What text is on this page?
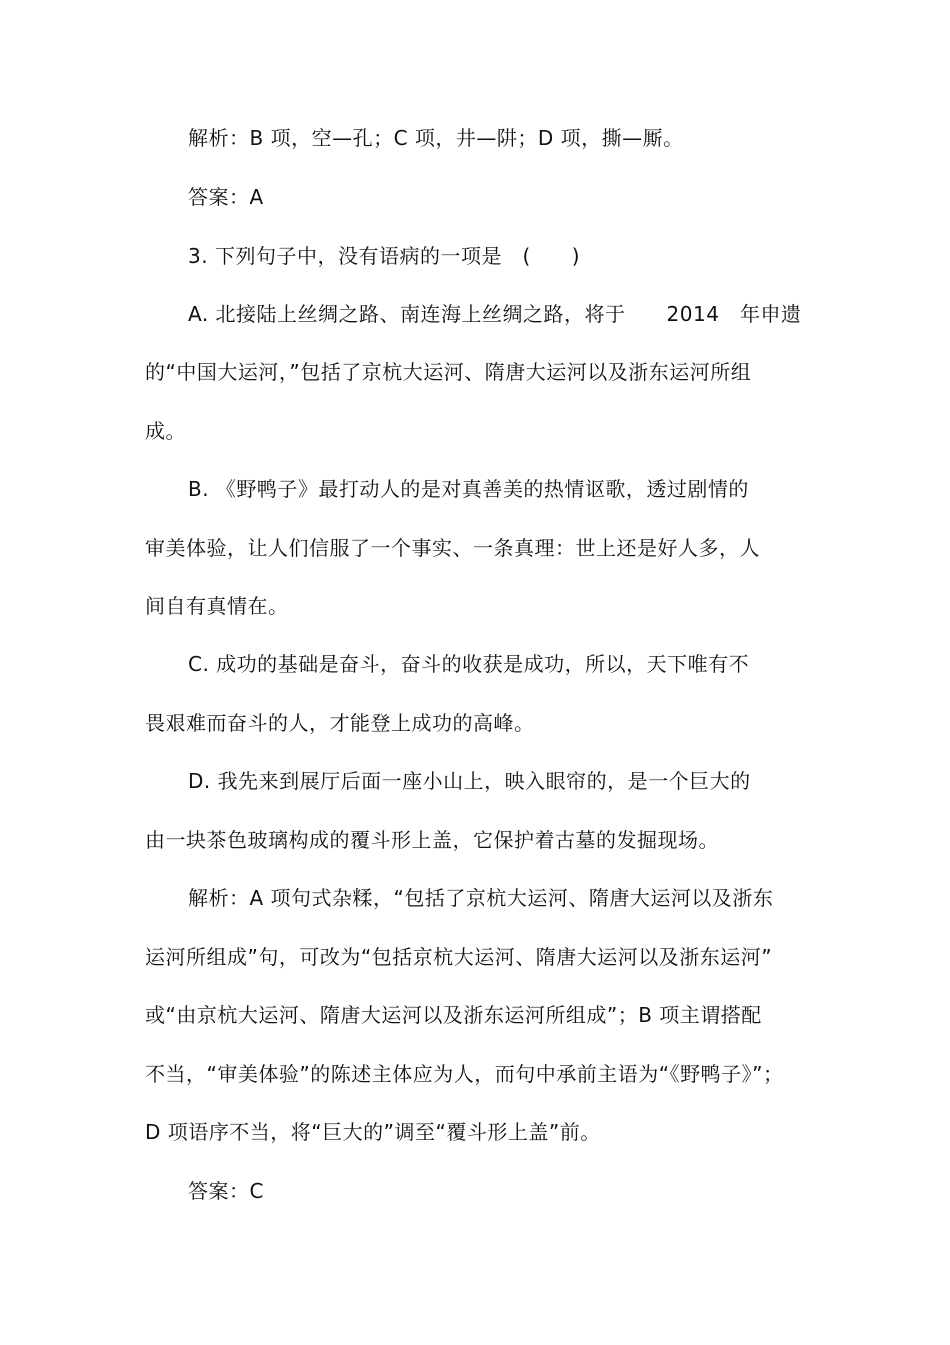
解析：B 项，空—孔；C 项，井—阱；D 项，撕—厮。
答案：A
3. 下列句子中，没有语病的一项是　(　　)
A. 北接陆上丝绸之路、南连海上丝绸之路，将于　　2014　年申遗
的“中国大运河，”包括了京杭大运河、隋唐大运河以及浙东运河所组
成。
B. 《野鸭子》最打动人的是对真善美的热情讴歌，透过剧情的
审美体验，让人们信服了一个事实、一条真理：世上还是好人多，人
间自有真情在。
C. 成功的基础是奋斗，奋斗的收获是成功，所以，天下唯有不
畏艰难而奋斗的人，才能登上成功的高峰。
D. 我先来到展厅后面一座小山上，映入眼帘的，是一个巨大的
由一块茶色玻璃构成的覆斗形上盖，它保护着古墓的发掘现场。
解析：A 项句式杂糅，“包括了京杭大运河、隋唐大运河以及浙东
运河所组成”句，可改为“包括京杭大运河、隋唐大运河以及浙东运河”
或“由京杭大运河、隋唐大运河以及浙东运河所组成”；B 项主谓搭配
不当，“审美体验”的陈述主体应为人，而句中承前主语为“《野鸭子》”；
D 项语序不当，将“巨大的”调至“覆斗形上盖”前。
答案：C
